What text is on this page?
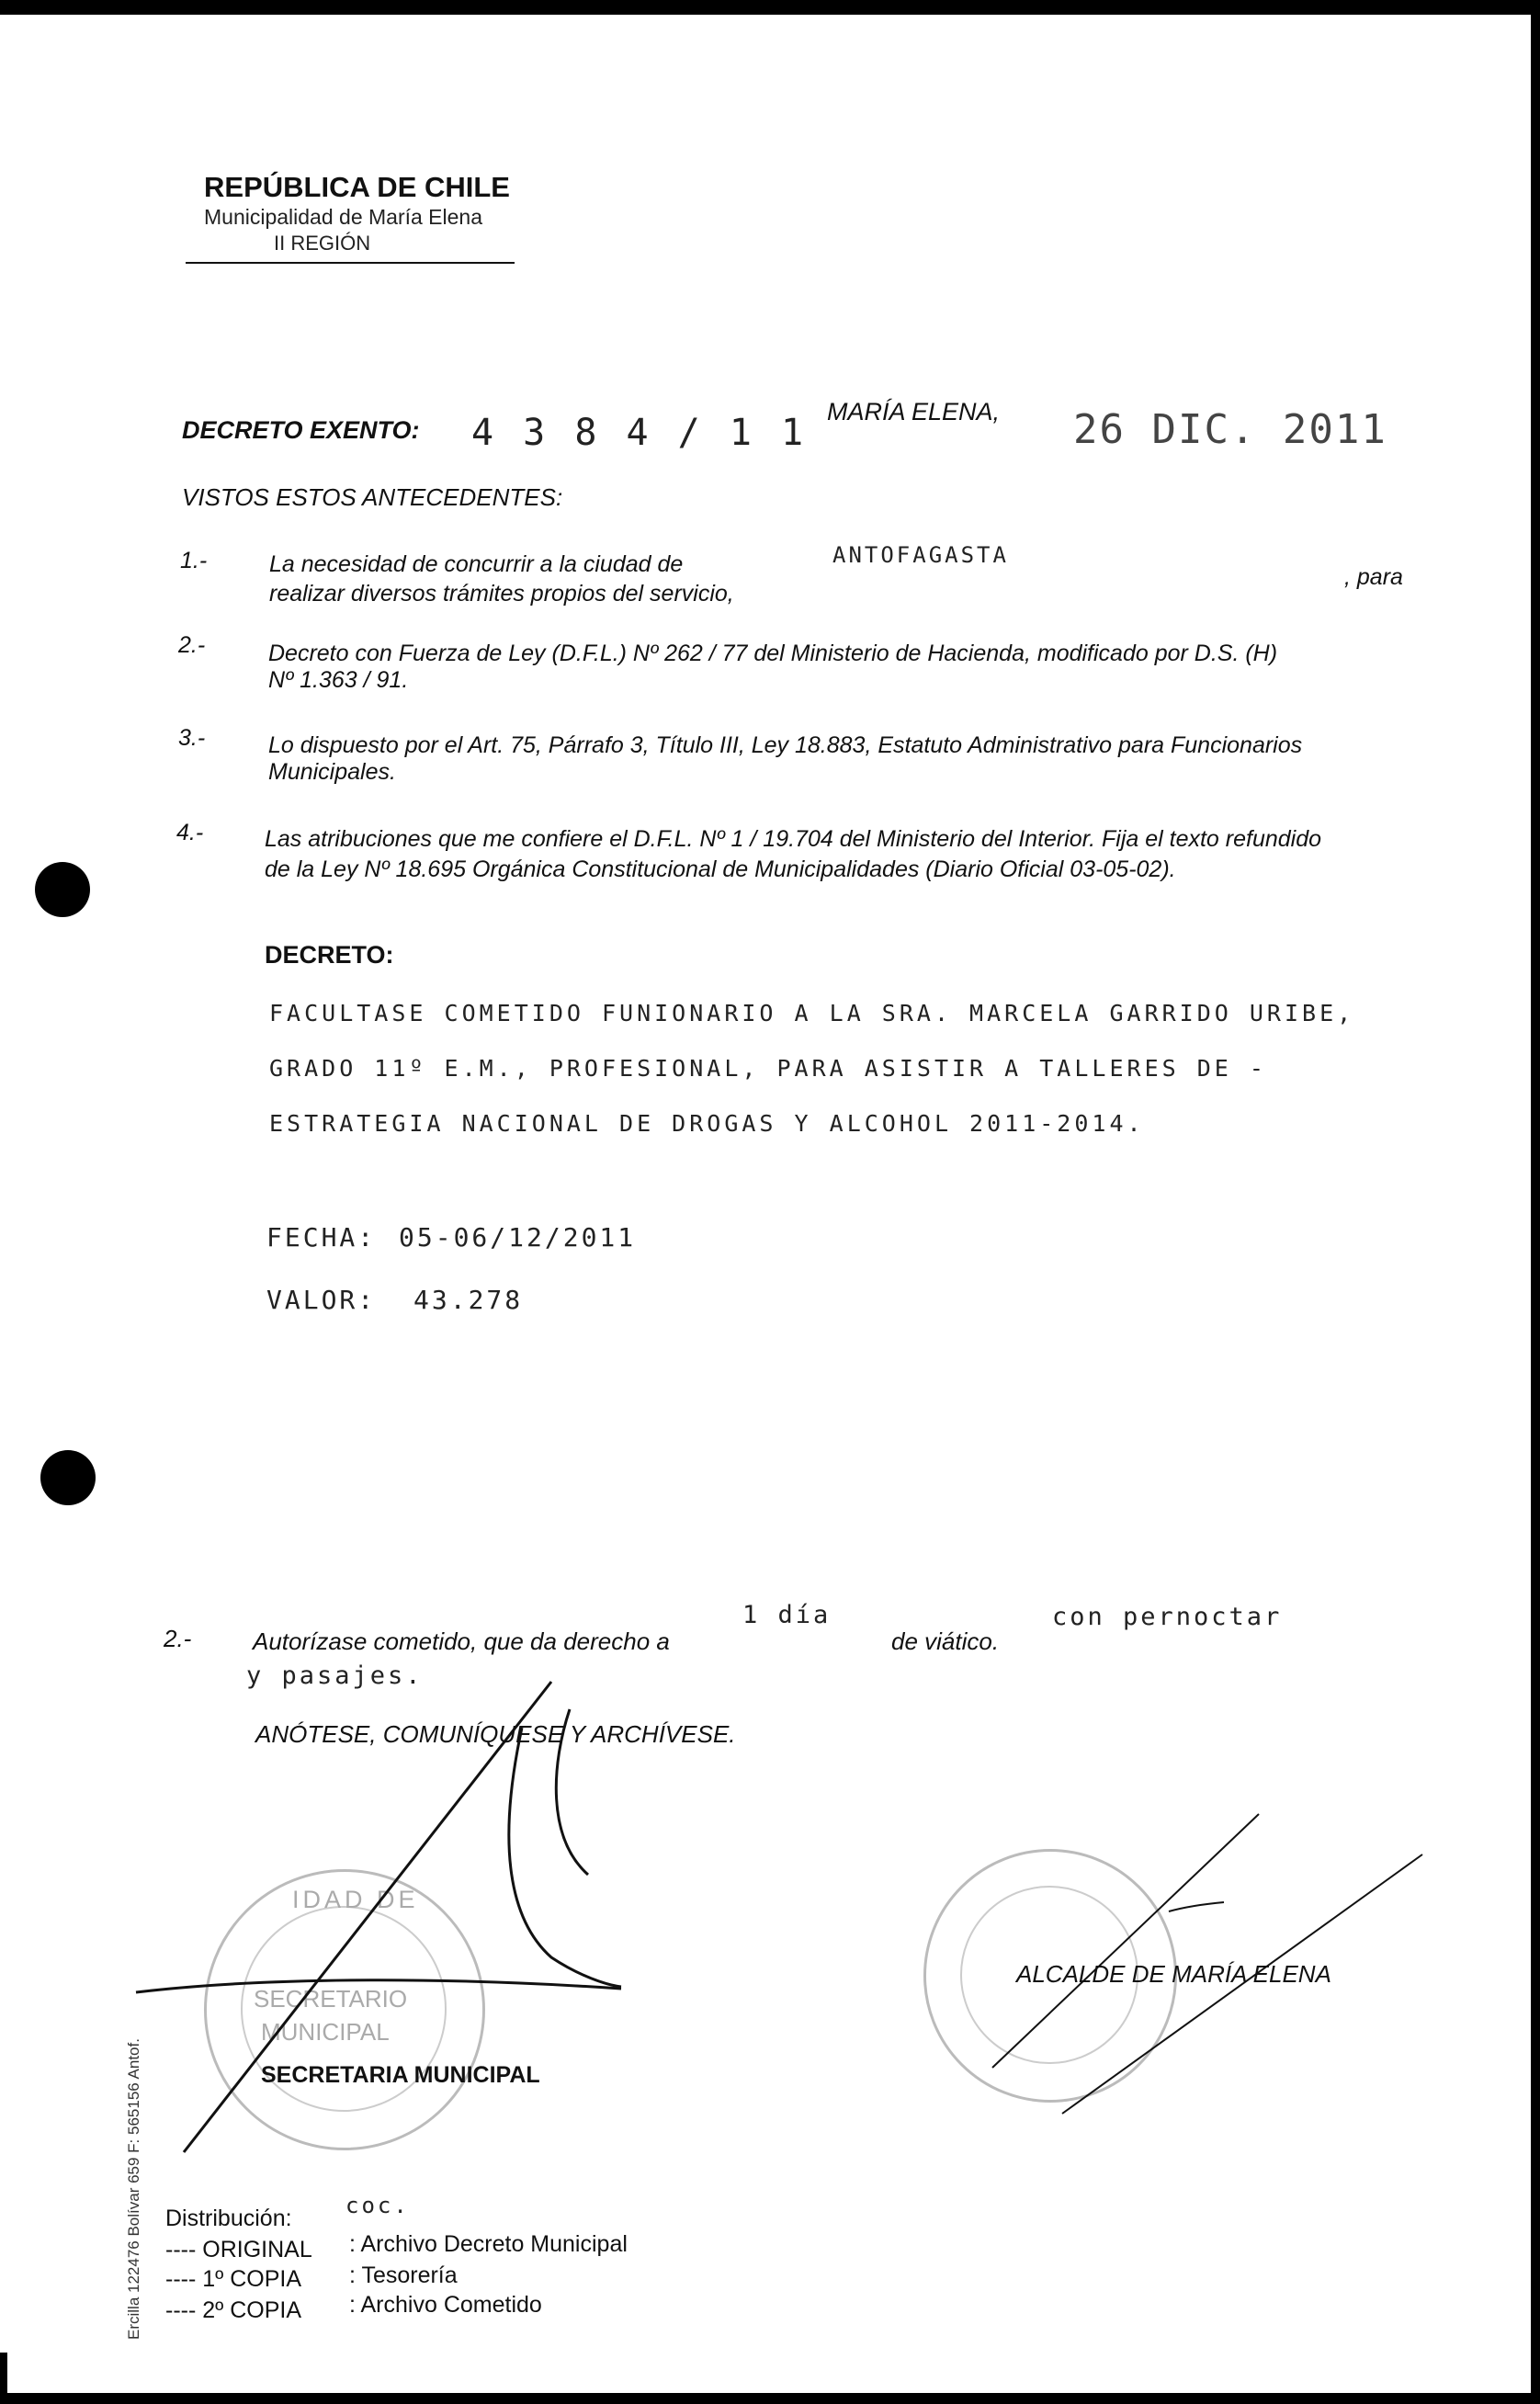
REPÚBLICA DE CHILE
Municipalidad de María Elena
II REGIÓN
DECRETO EXENTO: 4 3 8 4 / 1 1 MARÍA ELENA, 26 DIC. 2011
VISTOS ESTOS ANTECEDENTES:
1.-	La necesidad de concurrir a la ciudad de	ANTOFAGASTA
realizar diversos trámites propios del servicio,
, para
2.-	Decreto con Fuerza de Ley (D.F.L.) Nº 262 / 77 del Ministerio de Hacienda, modificado por D.S. (H)
Nº 1.363 / 91.
3.-	Lo dispuesto por el Art. 75, Párrafo 3, Título III, Ley 18.883, Estatuto Administrativo para Funcionarios
Municipales.
4.-	Las atribuciones que me confiere el D.F.L. Nº 1 / 19.704 del Ministerio del Interior. Fija el texto refundido
de la Ley Nº 18.695 Orgánica Constitucional de Municipalidades (Diario Oficial 03-05-02).
DECRETO:
FACULTASE COMETIDO FUNIONARIO A LA SRA. MARCELA GARRIDO URIBE,
GRADO 11º E.M., PROFESIONAL, PARA ASISTIR A TALLERES DE -
ESTRATEGIA NACIONAL DE DROGAS Y ALCOHOL 2011-2014.
FECHA: 05-06/12/2011
VALOR: 43.278
2.-	Autorízase cometido, que da derecho a
1 día
de viático.
con pernoctar
y pasajes.
ANÓTESE, COMUNÍQUESE Y ARCHÍVESE.
IDAD DE
SECRETARIO
MUNICIPAL
SECRETARIA MUNICIPAL
ALCALDE DE MARÍA ELENA
Ercilla 122476 Bolívar 659 F: 565156 Antof. Distribución: coc.
---- ORIGINAL : Archivo Decreto Municipal
---- 1º COPIA : Tesorería
---- 2º COPIA : Archivo Cometido
